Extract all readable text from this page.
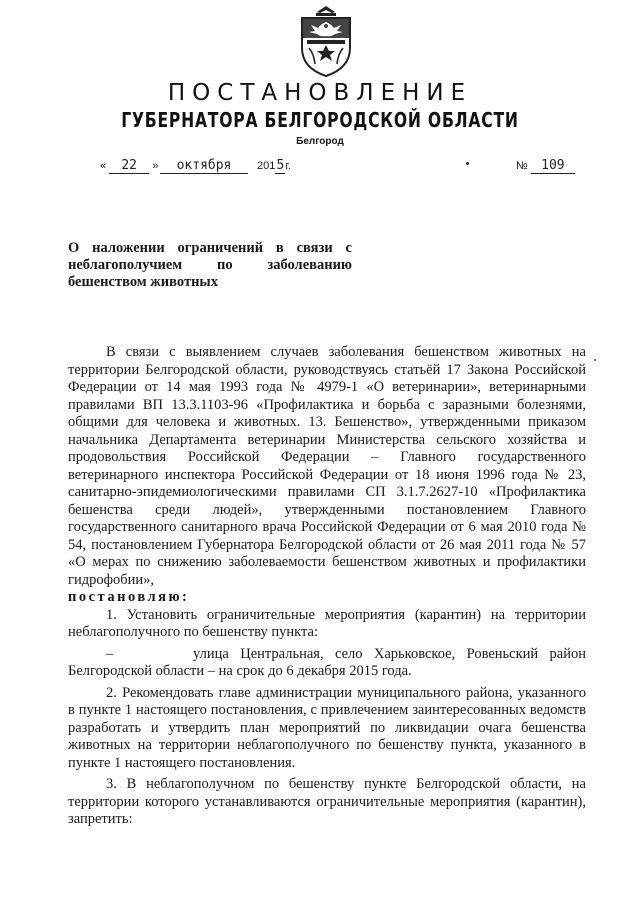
ПОСТАНОВЛЕНИЕ
ГУБЕРНАТОРА БЕЛГОРОДСКОЙ ОБЛАСТИ
Белгород
« 22 »	октября	2015г.	№ 109
О наложении ограничений в связи с
неблагополучием по заболеванию
бешенством животных

В связи с выявлением случаев заболевания бешенством животных на территории Белгородской области, руководствуясь статьёй 17 Закона Российской Федерации от 14 мая 1993 года № 4979-1 «О ветеринарии», ветеринарными правилами ВП 13.3.1103-96 «Профилактика и борьба с заразными болезнями, общими для человека и животных. 13. Бешенство», утвержденными приказом начальника Департамента ветеринарии Министерства сельского хозяйства и продовольствия Российской Федерации – Главного государственного ветеринарного инспектора Российской Федерации от 18 июня 1996 года № 23, санитарно-эпидемиологическими правилами СП 3.1.7.2627-10 «Профилактика бешенства среди людей», утвержденными постановлением Главного государственного санитарного врача Российской Федерации от 6 мая 2010 года № 54, постановлением Губернатора Белгородской области от 26 мая 2011 года № 57 «О мерах по снижению заболеваемости бешенством животных и профилактики гидрофобии»,

постановляю:

1. Установить ограничительные мероприятия (карантин) на территории неблагополучного по бешенству пункта:

–	улица Центральная, село Харьковское, Ровеньский район

Белгородской области – на срок до 6 декабря 2015 года.

2. Рекомендовать главе администрации муниципального района, указанного в пункте 1 настоящего постановления, с привлечением заинтересованных ведомств разработать и утвердить план мероприятий по ликвидации очага бешенства животных на территории неблагополучного по бешенству пункта, указанного в пункте 1 настоящего постановления.

3. В неблагополучном по бешенству пункте Белгородской области, на территории которого устанавливаются ограничительные мероприятия (карантин), запретить:
